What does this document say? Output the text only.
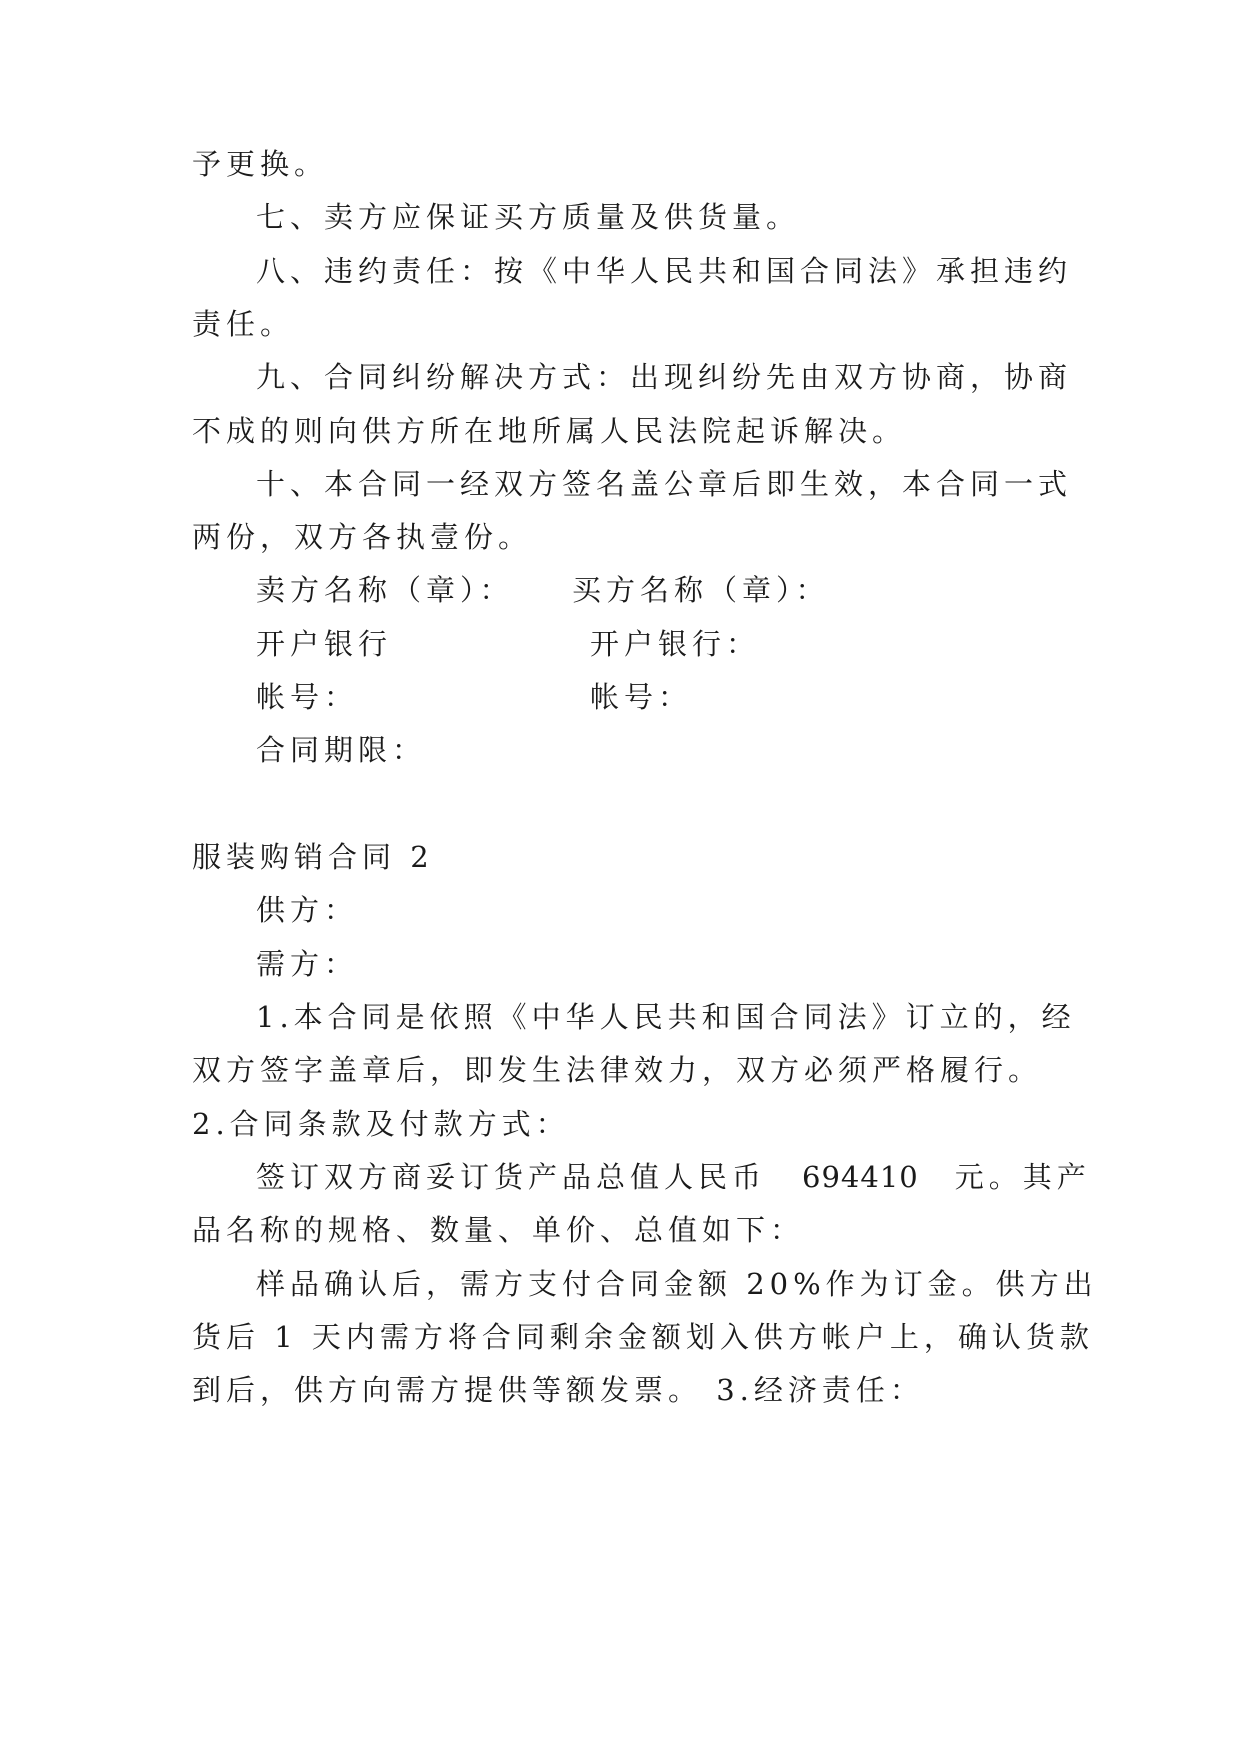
予更换。
七、卖方应保证买方质量及供货量。
八、违约责任：按《中华人民共和国合同法》承担违约
责任。
九、合同纠纷解决方式：出现纠纷先由双方协商，协商
不成的则向供方所在地所属人民法院起诉解决。
十、本合同一经双方签名盖公章后即生效，本合同一式
两份，双方各执壹份。
卖方名称（章）： 买方名称（章）：
开户银行	开户银行：
帐号：	帐号：
合同期限：
服装购销合同 2
供方：
需方：
1.本合同是依照《中华人民共和国合同法》订立的，经
双方签字盖章后，即发生法律效力，双方必须严格履行。
2.合同条款及付款方式：
签订双方商妥订货产品总值人民币 694410 元。其产
品名称的规格、数量、单价、总值如下：
样品确认后，需方支付合同金额 20%作为订金。供方出
货后 1 天内需方将合同剩余金额划入供方帐户上，确认货款
到后，供方向需方提供等额发票。 3.经济责任：
